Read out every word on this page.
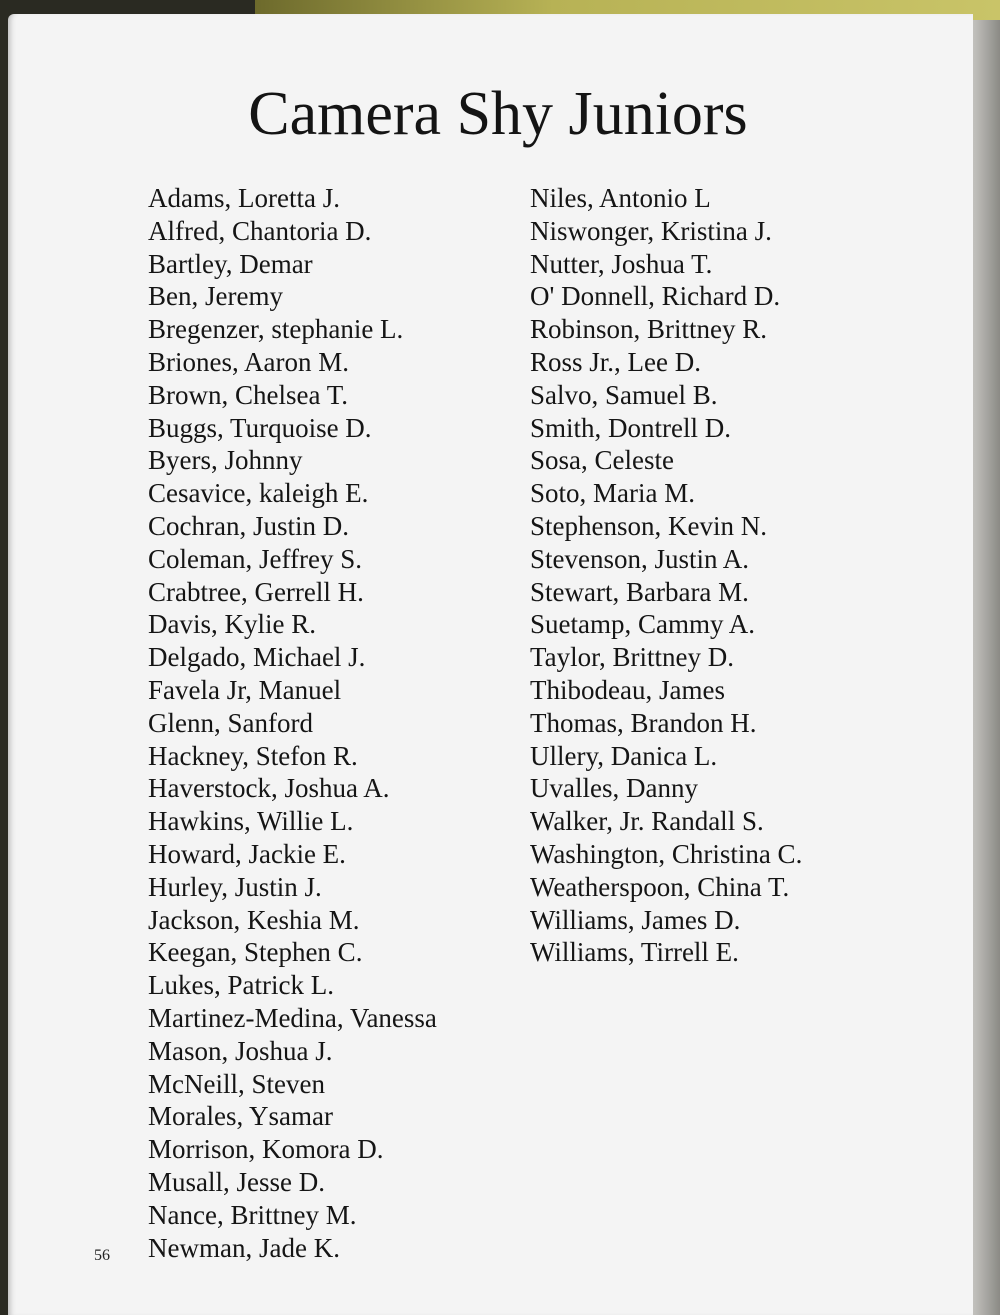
Camera Shy Juniors
Adams, Loretta J.
Alfred, Chantoria D.
Bartley, Demar
Ben, Jeremy
Bregenzer, stephanie L.
Briones, Aaron M.
Brown, Chelsea T.
Buggs, Turquoise D.
Byers, Johnny
Cesavice, kaleigh E.
Cochran, Justin D.
Coleman, Jeffrey S.
Crabtree, Gerrell H.
Davis, Kylie R.
Delgado, Michael J.
Favela Jr, Manuel
Glenn, Sanford
Hackney, Stefon R.
Haverstock, Joshua A.
Hawkins, Willie L.
Howard, Jackie E.
Hurley, Justin J.
Jackson, Keshia M.
Keegan, Stephen C.
Lukes, Patrick L.
Martinez-Medina, Vanessa
Mason, Joshua J.
McNeill, Steven
Morales, Ysamar
Morrison, Komora D.
Musall, Jesse D.
Nance, Brittney M.
Newman, Jade K.
Niles, Antonio L
Niswonger, Kristina J.
Nutter, Joshua T.
O' Donnell, Richard D.
Robinson, Brittney R.
Ross Jr., Lee D.
Salvo, Samuel B.
Smith, Dontrell D.
Sosa, Celeste
Soto, Maria M.
Stephenson, Kevin N.
Stevenson, Justin A.
Stewart, Barbara M.
Suetamp, Cammy A.
Taylor, Brittney D.
Thibodeau, James
Thomas, Brandon H.
Ullery, Danica L.
Uvalles, Danny
Walker, Jr. Randall S.
Washington, Christina C.
Weatherspoon, China T.
Williams, James D.
Williams, Tirrell E.
56
